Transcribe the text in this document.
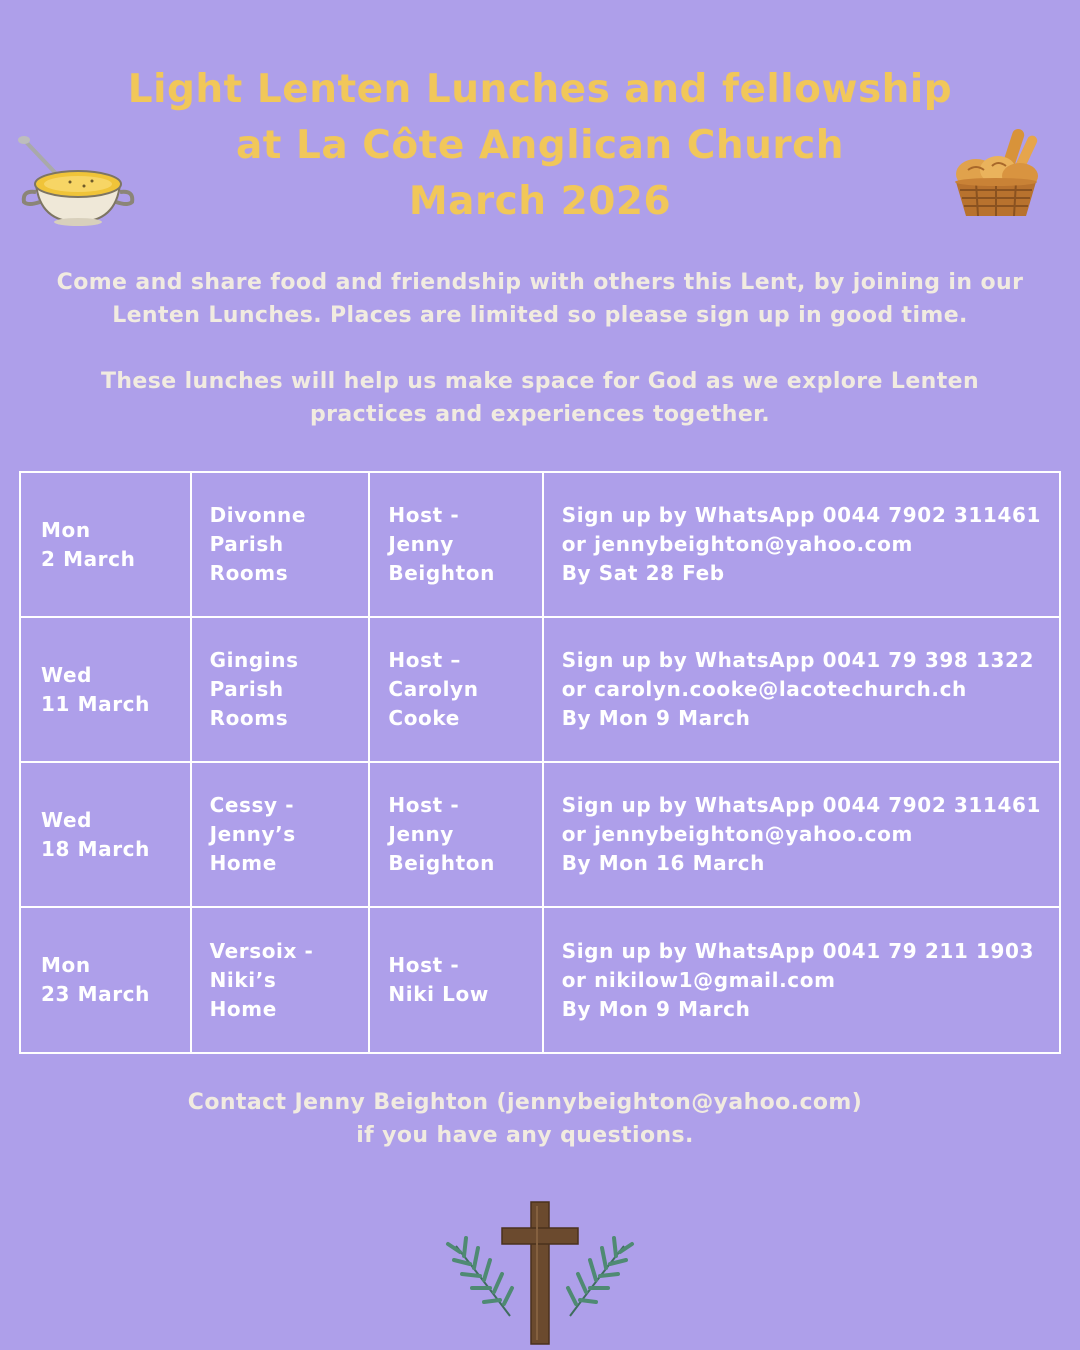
Light Lenten Lunches and fellowship
at La Côte Anglican Church
March 2026
Come and share food and friendship with others this Lent, by joining in our
Lenten Lunches. Places are limited so please sign up in good time.
These lunches will help us make space for God as we explore Lenten
practices and experiences together.
Mon
2 March	Divonne
Parish
Rooms	Host -
Jenny
Beighton	Sign up by WhatsApp 0044 7902 311461
or jennybeighton@yahoo.com
By Sat 28 Feb

Wed
11 March	Gingins
Parish
Rooms	Host –
Carolyn
Cooke	Sign up by WhatsApp 0041 79 398 1322
or carolyn.cooke@lacotechurch.ch
By Mon 9 March

Wed
18 March	Cessy -
Jenny’s
Home	Host -
Jenny
Beighton	Sign up by WhatsApp 0044 7902 311461
or jennybeighton@yahoo.com
By Mon 16 March

Mon
23 March	Versoix -
Niki’s
Home	Host -
Niki Low	Sign up by WhatsApp 0041 79 211 1903
or nikilow1@gmail.com
By Mon 9 March
Contact Jenny Beighton (jennybeighton@yahoo.com)
if you have any questions.
